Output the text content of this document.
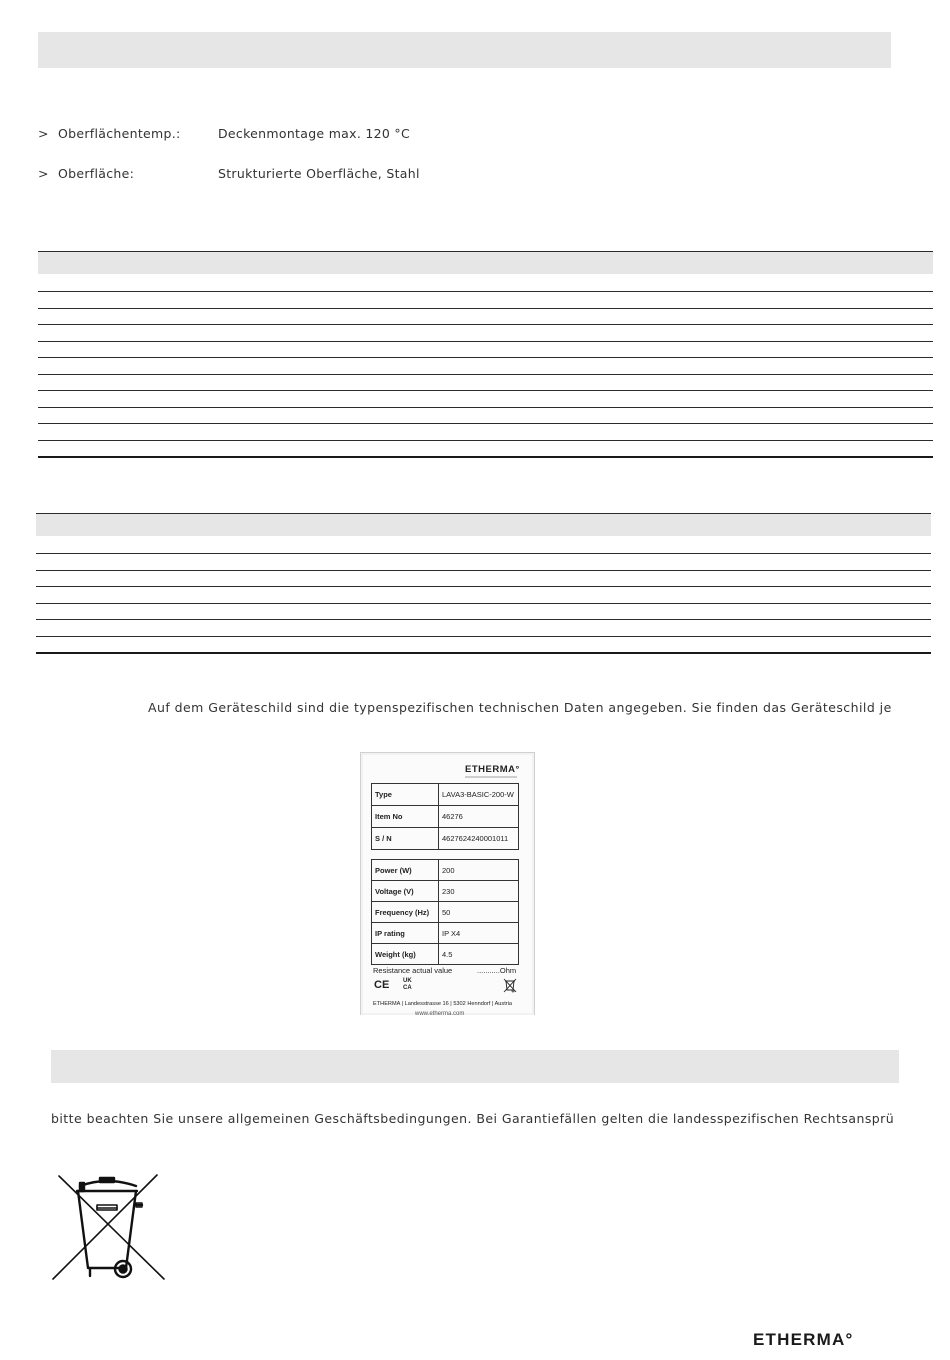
> Oberflächentemp.:	Deckenmontage max. 120 °C
> Oberfläche:	Strukturierte Oberfläche, Stahl
Auf dem Geräteschild sind die typenspezifischen technischen Daten angegeben. Sie finden das Geräteschild je
ETHERMA°
Type	LAVA3-BASIC-200-W
Item No	46276
S / N	4627624240001011
Power (W)	200
Voltage (V)	230
Frequency (Hz)	50
IP rating	IP X4
Weight (kg)	4.5
Resistance actual value	...........Ohm
CE UK
CA
ETHERMA | Landesstrasse 16 | 5302 Henndorf | Austria
www.etherma.com
bitte beachten Sie unsere allgemeinen Geschäftsbedingungen. Bei Garantiefällen gelten die landesspezifischen Rechtsansprü
ETHERMA°
